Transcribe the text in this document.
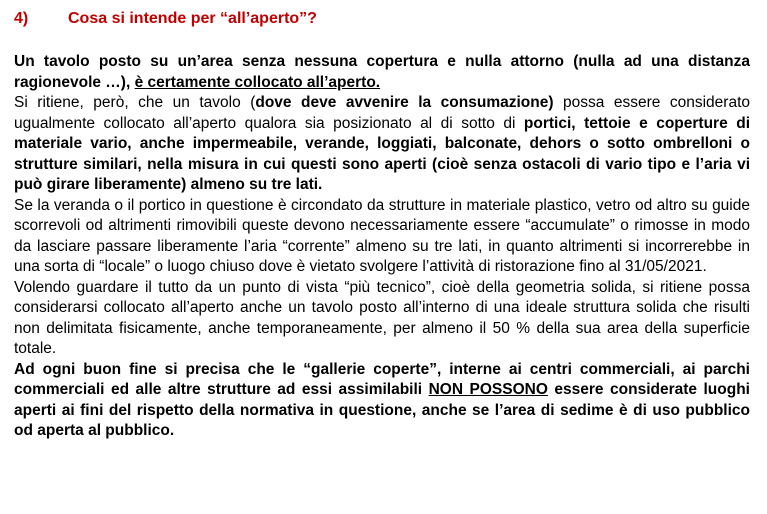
4) Cosa si intende per “all’aperto”?

Un tavolo posto su un’area senza nessuna copertura e nulla attorno (nulla ad una distanza ragionevole …), è certamente collocato all’aperto.

Si ritiene, però, che un tavolo (dove deve avvenire la consumazione) possa essere considerato ugualmente collocato all’aperto qualora sia posizionato al di sotto di portici, tettoie e coperture di materiale vario, anche impermeabile, verande, loggiati, balconate, dehors o sotto ombrelloni o strutture similari, nella misura in cui questi sono aperti (cioè senza ostacoli di vario tipo e l’aria vi può girare liberamente) almeno su tre lati.

Se la veranda o il portico in questione è circondato da strutture in materiale plastico, vetro od altro su guide scorrevoli od altrimenti rimovibili queste devono necessariamente essere “accumulate” o rimosse in modo da lasciare passare liberamente l’aria “corrente” almeno su tre lati, in quanto altrimenti si incorrerebbe in una sorta di “locale” o luogo chiuso dove è vietato svolgere l’attività di ristorazione fino al 31/05/2021.

Volendo guardare il tutto da un punto di vista “più tecnico”, cioè della geometria solida, si ritiene possa considerarsi collocato all’aperto anche un tavolo posto all’interno di una ideale struttura solida che risulti non delimitata fisicamente, anche temporaneamente, per almeno il 50 % della sua area della superficie totale.

Ad ogni buon fine si precisa che le “gallerie coperte”, interne ai centri commerciali, ai parchi commerciali ed alle altre strutture ad essi assimilabili NON POSSONO essere considerate luoghi aperti ai fini del rispetto della normativa in questione, anche se l’area di sedime è di uso pubblico od aperta al pubblico.
